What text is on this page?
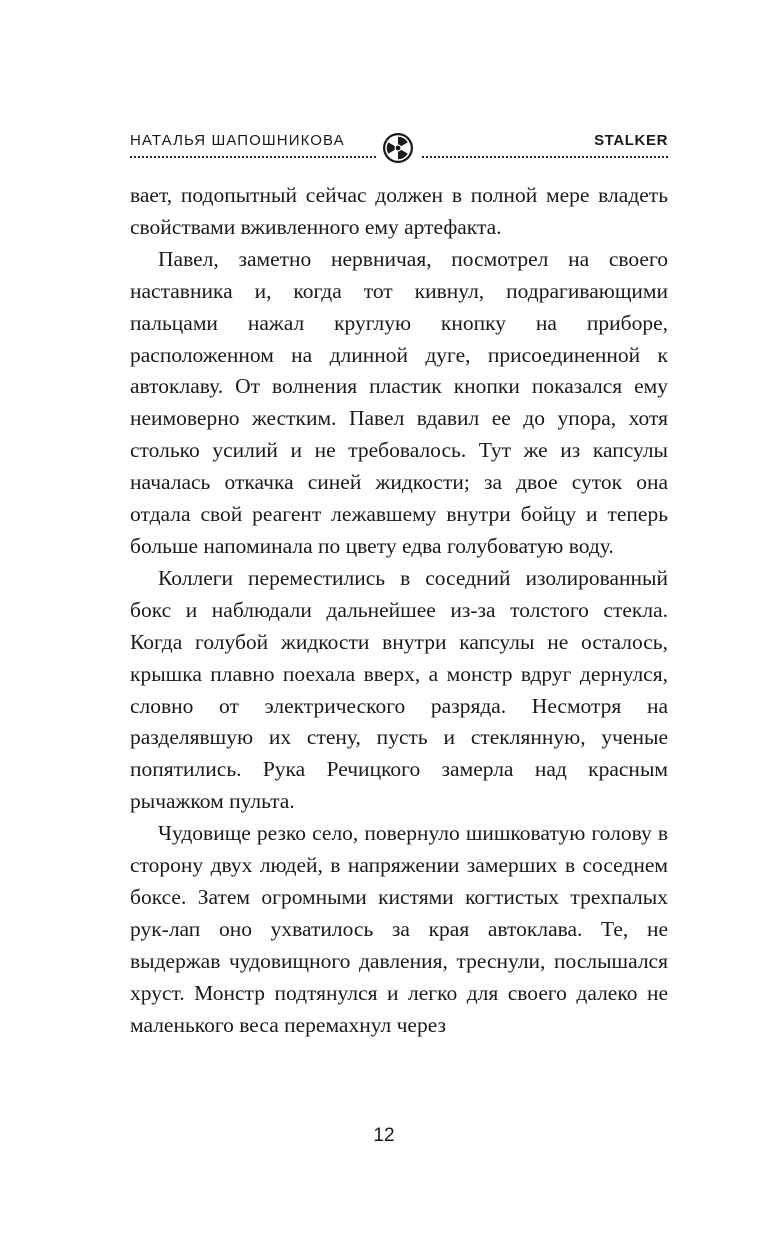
НАТАЛЬЯ ШАПОШНИКОВА	STALKER

вает, подопытный сейчас должен в полной мере владеть свойствами вживленного ему артефакта.

Павел, заметно нервничая, посмотрел на своего наставника и, когда тот кивнул, подрагивающими пальцами нажал круглую кнопку на приборе, расположенном на длинной дуге, присоединенной к автоклаву. От волнения пластик кнопки показался ему неимоверно жестким. Павел вдавил ее до упора, хотя столько усилий и не требовалось. Тут же из капсулы началась откачка синей жидкости; за двое суток она отдала свой реагент лежавшему внутри бойцу и теперь больше напоминала по цвету едва голубоватую воду.

Коллеги переместились в соседний изолированный бокс и наблюдали дальнейшее из-за толстого стекла. Когда голубой жидкости внутри капсулы не осталось, крышка плавно поехала вверх, а монстр вдруг дернулся, словно от электрического разряда. Несмотря на разделявшую их стену, пусть и стеклянную, ученые попятились. Рука Речицкого замерла над красным рычажком пульта.

Чудовище резко село, повернуло шишковатую голову в сторону двух людей, в напряжении замерших в соседнем боксе. Затем огромными кистями когтистых трехпалых рук-лап оно ухватилось за края автоклава. Те, не выдержав чудовищного давления, треснули, послышался хруст. Монстр подтянулся и легко для своего далеко не маленького веса перемахнул через

12
